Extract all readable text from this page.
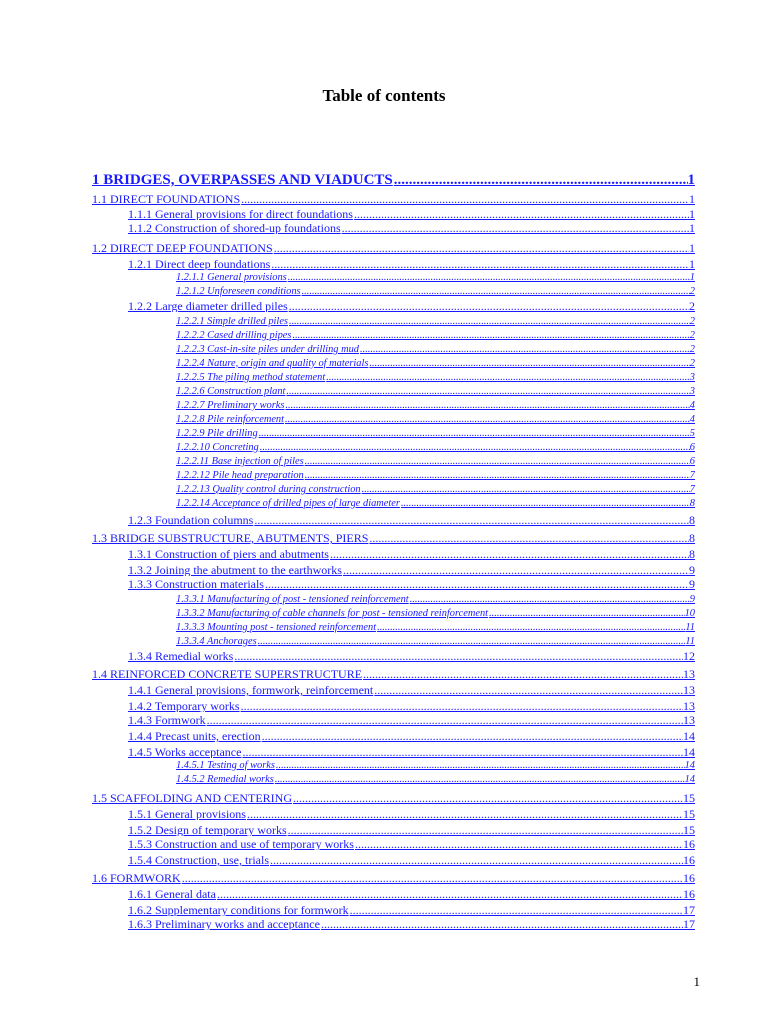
Table of contents
1 BRIDGES, OVERPASSES AND VIADUCTS .....	1
1.1 DIRECT FOUNDATIONS .....	1
1.1.1 General provisions for direct foundations .....	1
1.1.2 Construction of shored-up foundations .....	1
1.2 DIRECT DEEP FOUNDATIONS .....	1
1.2.1 Direct deep foundations .....	1
1.2.1.1 General provisions .....	1
1.2.1.2 Unforeseen conditions .....	2
1.2.2 Large diameter drilled piles .....	2
1.2.2.1 Simple drilled piles .....	2
1.2.2.2 Cased drilling pipes .....	2
1.2.2.3 Cast-in-site piles under drilling mud .....	2
1.2.2.4 Nature, origin and quality of materials .....	2
1.2.2.5 The piling method statement .....	3
1.2.2.6 Construction plant .....	3
1.2.2.7 Preliminary works .....	4
1.2.2.8 Pile reinforcement .....	4
1.2.2.9 Pile drilling .....	5
1.2.2.10 Concreting .....	6
1.2.2.11 Base injection of piles .....	6
1.2.2.12 Pile head preparation .....	7
1.2.2.13 Quality control during construction .....	7
1.2.2.14 Acceptance of drilled pipes of large diameter .....	8
1.2.3 Foundation columns .....	8
1.3 BRIDGE SUBSTRUCTURE, ABUTMENTS, PIERS .....	8
1.3.1 Construction of piers and abutments .....	8
1.3.2 Joining the abutment to the earthworks .....	9
1.3.3 Construction materials .....	9
1.3.3.1 Manufacturing of post - tensioned reinforcement .....	9
1.3.3.2 Manufacturing of cable channels for post - tensioned reinforcement .....	10
1.3.3.3 Mounting post - tensioned reinforcement .....	11
1.3.3.4 Anchorages .....	11
1.3.4 Remedial works .....	12
1.4 REINFORCED CONCRETE SUPERSTRUCTURE .....	13
1.4.1 General provisions, formwork, reinforcement .....	13
1.4.2 Temporary works .....	13
1.4.3 Formwork .....	13
1.4.4 Precast units, erection .....	14
1.4.5 Works acceptance .....	14
1.4.5.1 Testing of works .....	14
1.4.5.2 Remedial works .....	14
1.5 SCAFFOLDING AND CENTERING .....	15
1.5.1 General provisions .....	15
1.5.2 Design of temporary works .....	15
1.5.3 Construction and use of temporary works .....	16
1.5.4 Construction, use, trials .....	16
1.6 FORMWORK .....	16
1.6.1 General data .....	16
1.6.2 Supplementary conditions for formwork .....	17
1.6.3 Preliminary works and acceptance .....	17
1
